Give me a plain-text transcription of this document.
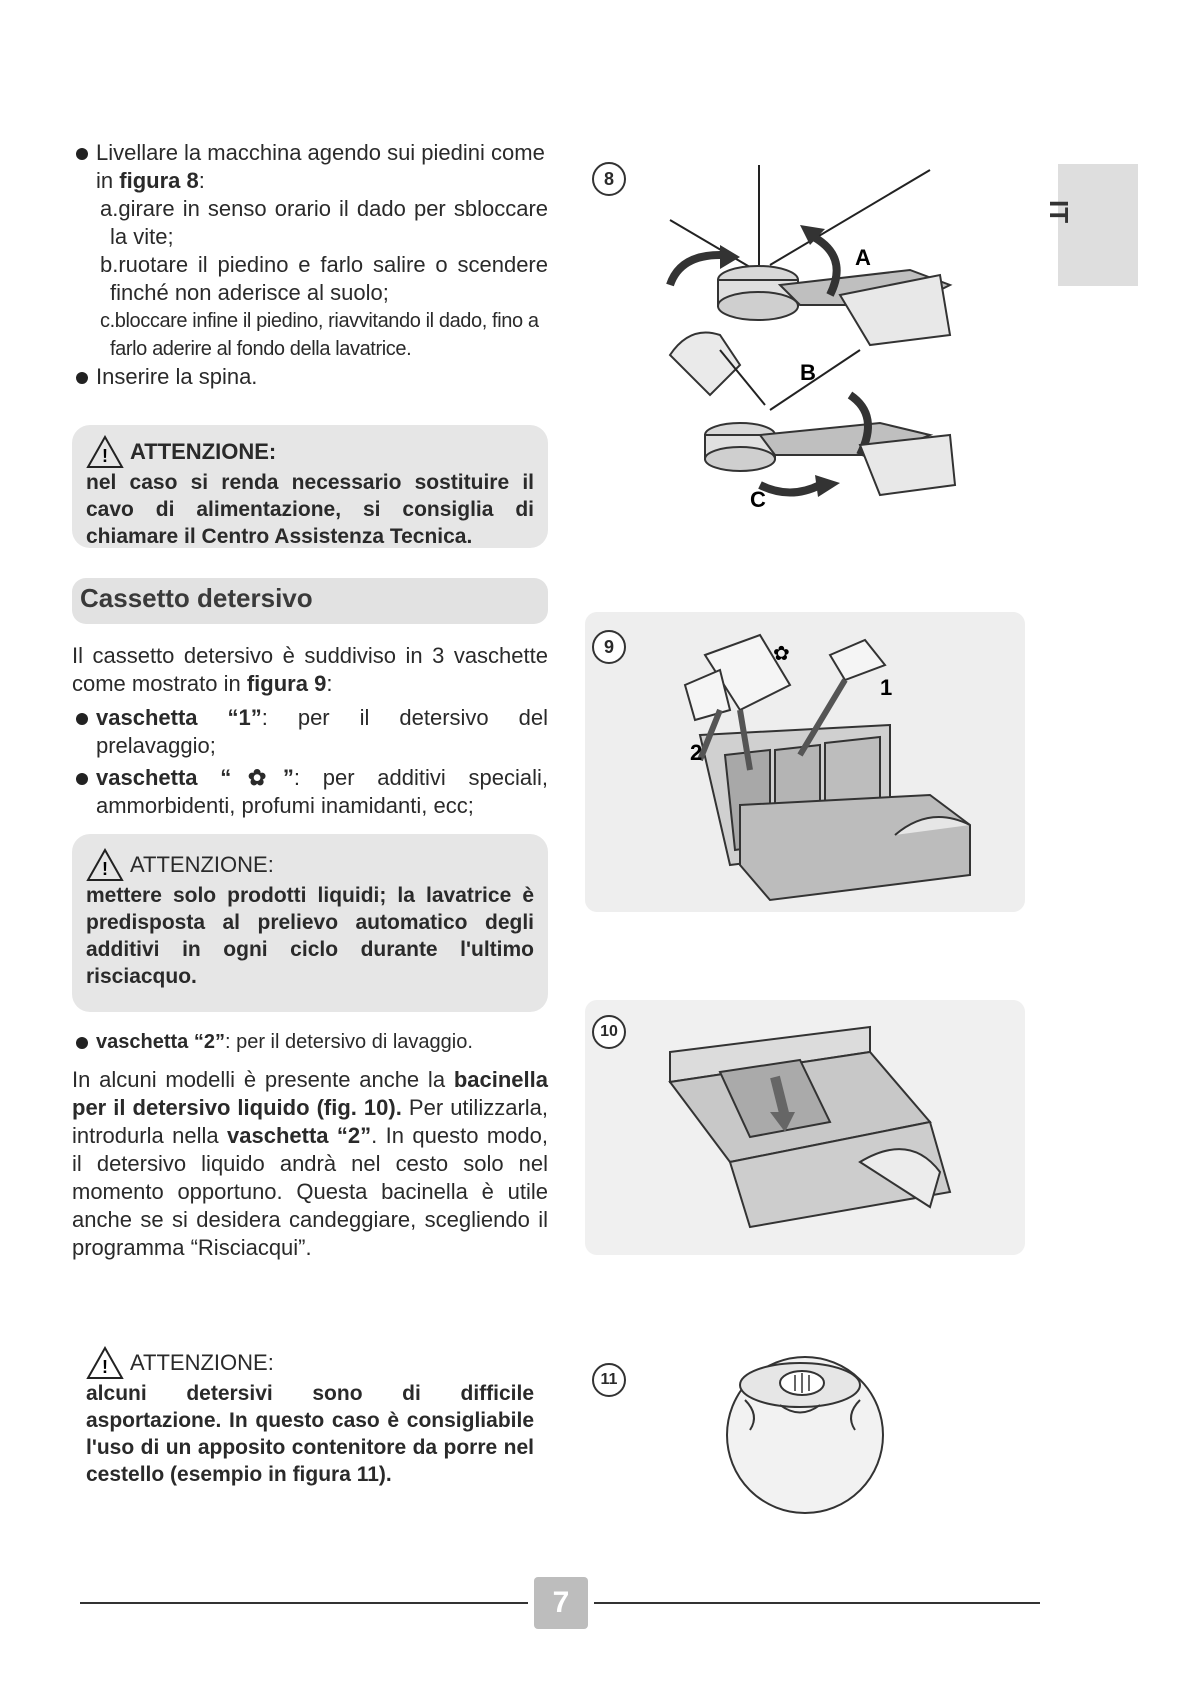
Livellare la macchina agendo sui piedini come in figura 8:
a.girare in senso orario il dado per sbloccare la vite;
b.ruotare il piedino e farlo salire o scendere finché non aderisce al suolo;
c.bloccare infine il piedino, riavvitando il dado, fino a farlo aderire al fondo della lavatrice.
Inserire la spina.
! ATTENZIONE:
nel caso si renda necessario sostituire il cavo di alimentazione, si consiglia di chiamare il Centro Assistenza Tecnica.
Cassetto detersivo
Il cassetto detersivo è suddiviso in 3 vaschette come mostrato in figura 9:
vaschetta “1”: per il detersivo del prelavaggio;
vaschetta “✿”: per additivi speciali, ammorbidenti, profumi inamidanti, ecc;
! ATTENZIONE:
mettere solo prodotti liquidi; la lavatrice è predisposta al prelievo automatico degli additivi in ogni ciclo durante l'ultimo risciacquo.
vaschetta “2”: per il detersivo di lavaggio.
In alcuni modelli è presente anche la bacinella per il detersivo liquido (fig. 10). Per utilizzarla, introdurla nella vaschetta “2”. In questo modo, il detersivo liquido andrà nel cesto solo nel momento opportuno. Questa bacinella è utile anche se si desidera candeggiare, scegliendo il programma “Risciacqui”.
! ATTENZIONE:
alcuni detersivi sono di difficile asportazione. In questo caso è consigliabile l'uso di un apposito contenitore da porre nel cestello (esempio in figura 11).
8
A
B
C
9	✿
1
2
10
11
IT
7
